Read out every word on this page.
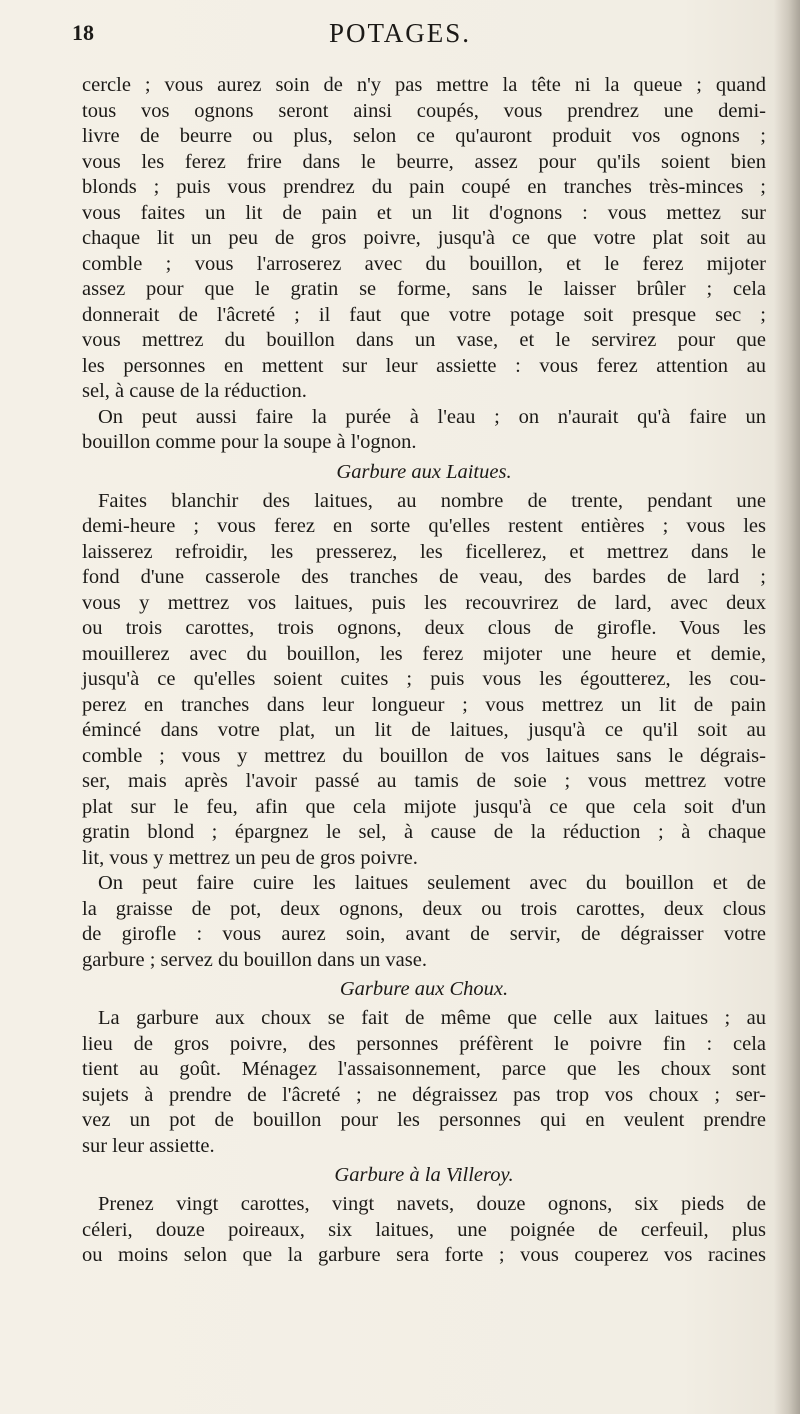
18	POTAGES.
cercle ; vous aurez soin de n'y pas mettre la tête ni la queue ; quand
tous vos ognons seront ainsi coupés, vous prendrez une demi-
livre de beurre ou plus, selon ce qu'auront produit vos ognons ;
vous les ferez frire dans le beurre, assez pour qu'ils soient bien
blonds ; puis vous prendrez du pain coupé en tranches très-minces ;
vous faites un lit de pain et un lit d'ognons : vous mettez sur
chaque lit un peu de gros poivre, jusqu'à ce que votre plat soit au
comble ; vous l'arroserez avec du bouillon, et le ferez mijoter
assez pour que le gratin se forme, sans le laisser brûler ; cela
donnerait de l'âcreté ; il faut que votre potage soit presque sec ;
vous mettrez du bouillon dans un vase, et le servirez pour que
les personnes en mettent sur leur assiette : vous ferez attention au
sel, à cause de la réduction.
On peut aussi faire la purée à l'eau ; on n'aurait qu'à faire un
bouillon comme pour la soupe à l'ognon.
Garbure aux Laitues.
Faites blanchir des laitues, au nombre de trente, pendant une
demi-heure ; vous ferez en sorte qu'elles restent entières ; vous les
laisserez refroidir, les presserez, les ficellerez, et mettrez dans le
fond d'une casserole des tranches de veau, des bardes de lard ;
vous y mettrez vos laitues, puis les recouvrirez de lard, avec deux
ou trois carottes, trois ognons, deux clous de girofle. Vous les
mouillerez avec du bouillon, les ferez mijoter une heure et demie,
jusqu'à ce qu'elles soient cuites ; puis vous les égoutterez, les cou-
perez en tranches dans leur longueur ; vous mettrez un lit de pain
émincé dans votre plat, un lit de laitues, jusqu'à ce qu'il soit au
comble ; vous y mettrez du bouillon de vos laitues sans le dégrais-
ser, mais après l'avoir passé au tamis de soie ; vous mettrez votre
plat sur le feu, afin que cela mijote jusqu'à ce que cela soit d'un
gratin blond ; épargnez le sel, à cause de la réduction ; à chaque
lit, vous y mettrez un peu de gros poivre.
On peut faire cuire les laitues seulement avec du bouillon et de
la graisse de pot, deux ognons, deux ou trois carottes, deux clous
de girofle : vous aurez soin, avant de servir, de dégraisser votre
garbure ; servez du bouillon dans un vase.
Garbure aux Choux.
La garbure aux choux se fait de même que celle aux laitues ; au
lieu de gros poivre, des personnes préfèrent le poivre fin : cela
tient au goût. Ménagez l'assaisonnement, parce que les choux sont
sujets à prendre de l'âcreté ; ne dégraissez pas trop vos choux ; ser-
vez un pot de bouillon pour les personnes qui en veulent prendre
sur leur assiette.
Garbure à la Villeroy.
Prenez vingt carottes, vingt navets, douze ognons, six pieds de
céleri, douze poireaux, six laitues, une poignée de cerfeuil, plus
ou moins selon que la garbure sera forte ; vous couperez vos racines
